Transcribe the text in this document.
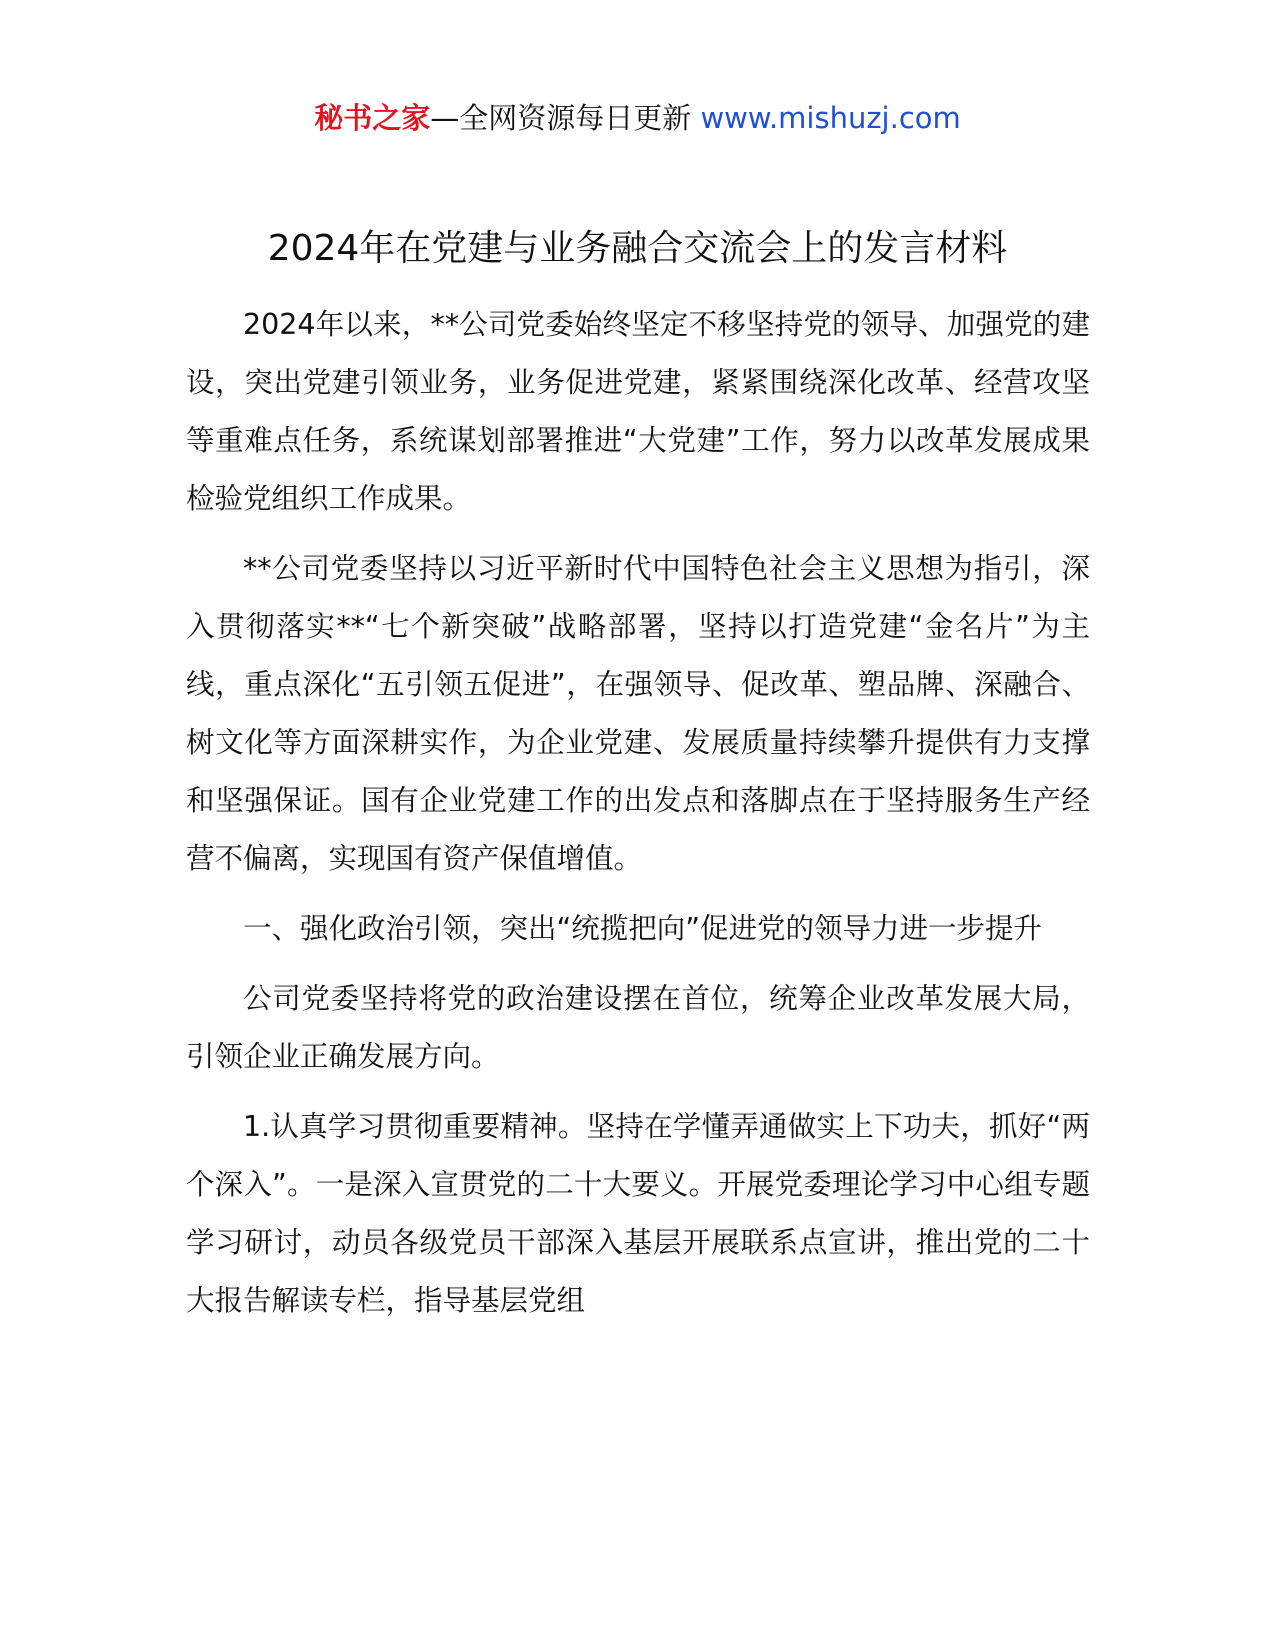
秘书之家—全网资源每日更新 www.mishuzj.com
2024年在党建与业务融合交流会上的发言材料

2024年以来，**公司党委始终坚定不移坚持党的领导、加强党的建设，突出党建引领业务，业务促进党建，紧紧围绕深化改革、经营攻坚等重难点任务，系统谋划部署推进“大党建”工作，努力以改革发展成果检验党组织工作成果。

**公司党委坚持以习近平新时代中国特色社会主义思想为指引，深入贯彻落实**“七个新突破”战略部署，坚持以打造党建“金名片”为主线，重点深化“五引领五促进”，在强领导、促改革、塑品牌、深融合、树文化等方面深耕实作，为企业党建、发展质量持续攀升提供有力支撑和坚强保证。国有企业党建工作的出发点和落脚点在于坚持服务生产经营不偏离，实现国有资产保值增值。

一、强化政治引领，突出“统揽把向”促进党的领导力进一步提升

公司党委坚持将党的政治建设摆在首位，统筹企业改革发展大局，引领企业正确发展方向。

1.认真学习贯彻重要精神。坚持在学懂弄通做实上下功夫，抓好“两个深入”。一是深入宣贯党的二十大要义。开展党委理论学习中心组专题学习研讨，动员各级党员干部深入基层开展联系点宣讲，推出党的二十大报告解读专栏，指导基层党组
